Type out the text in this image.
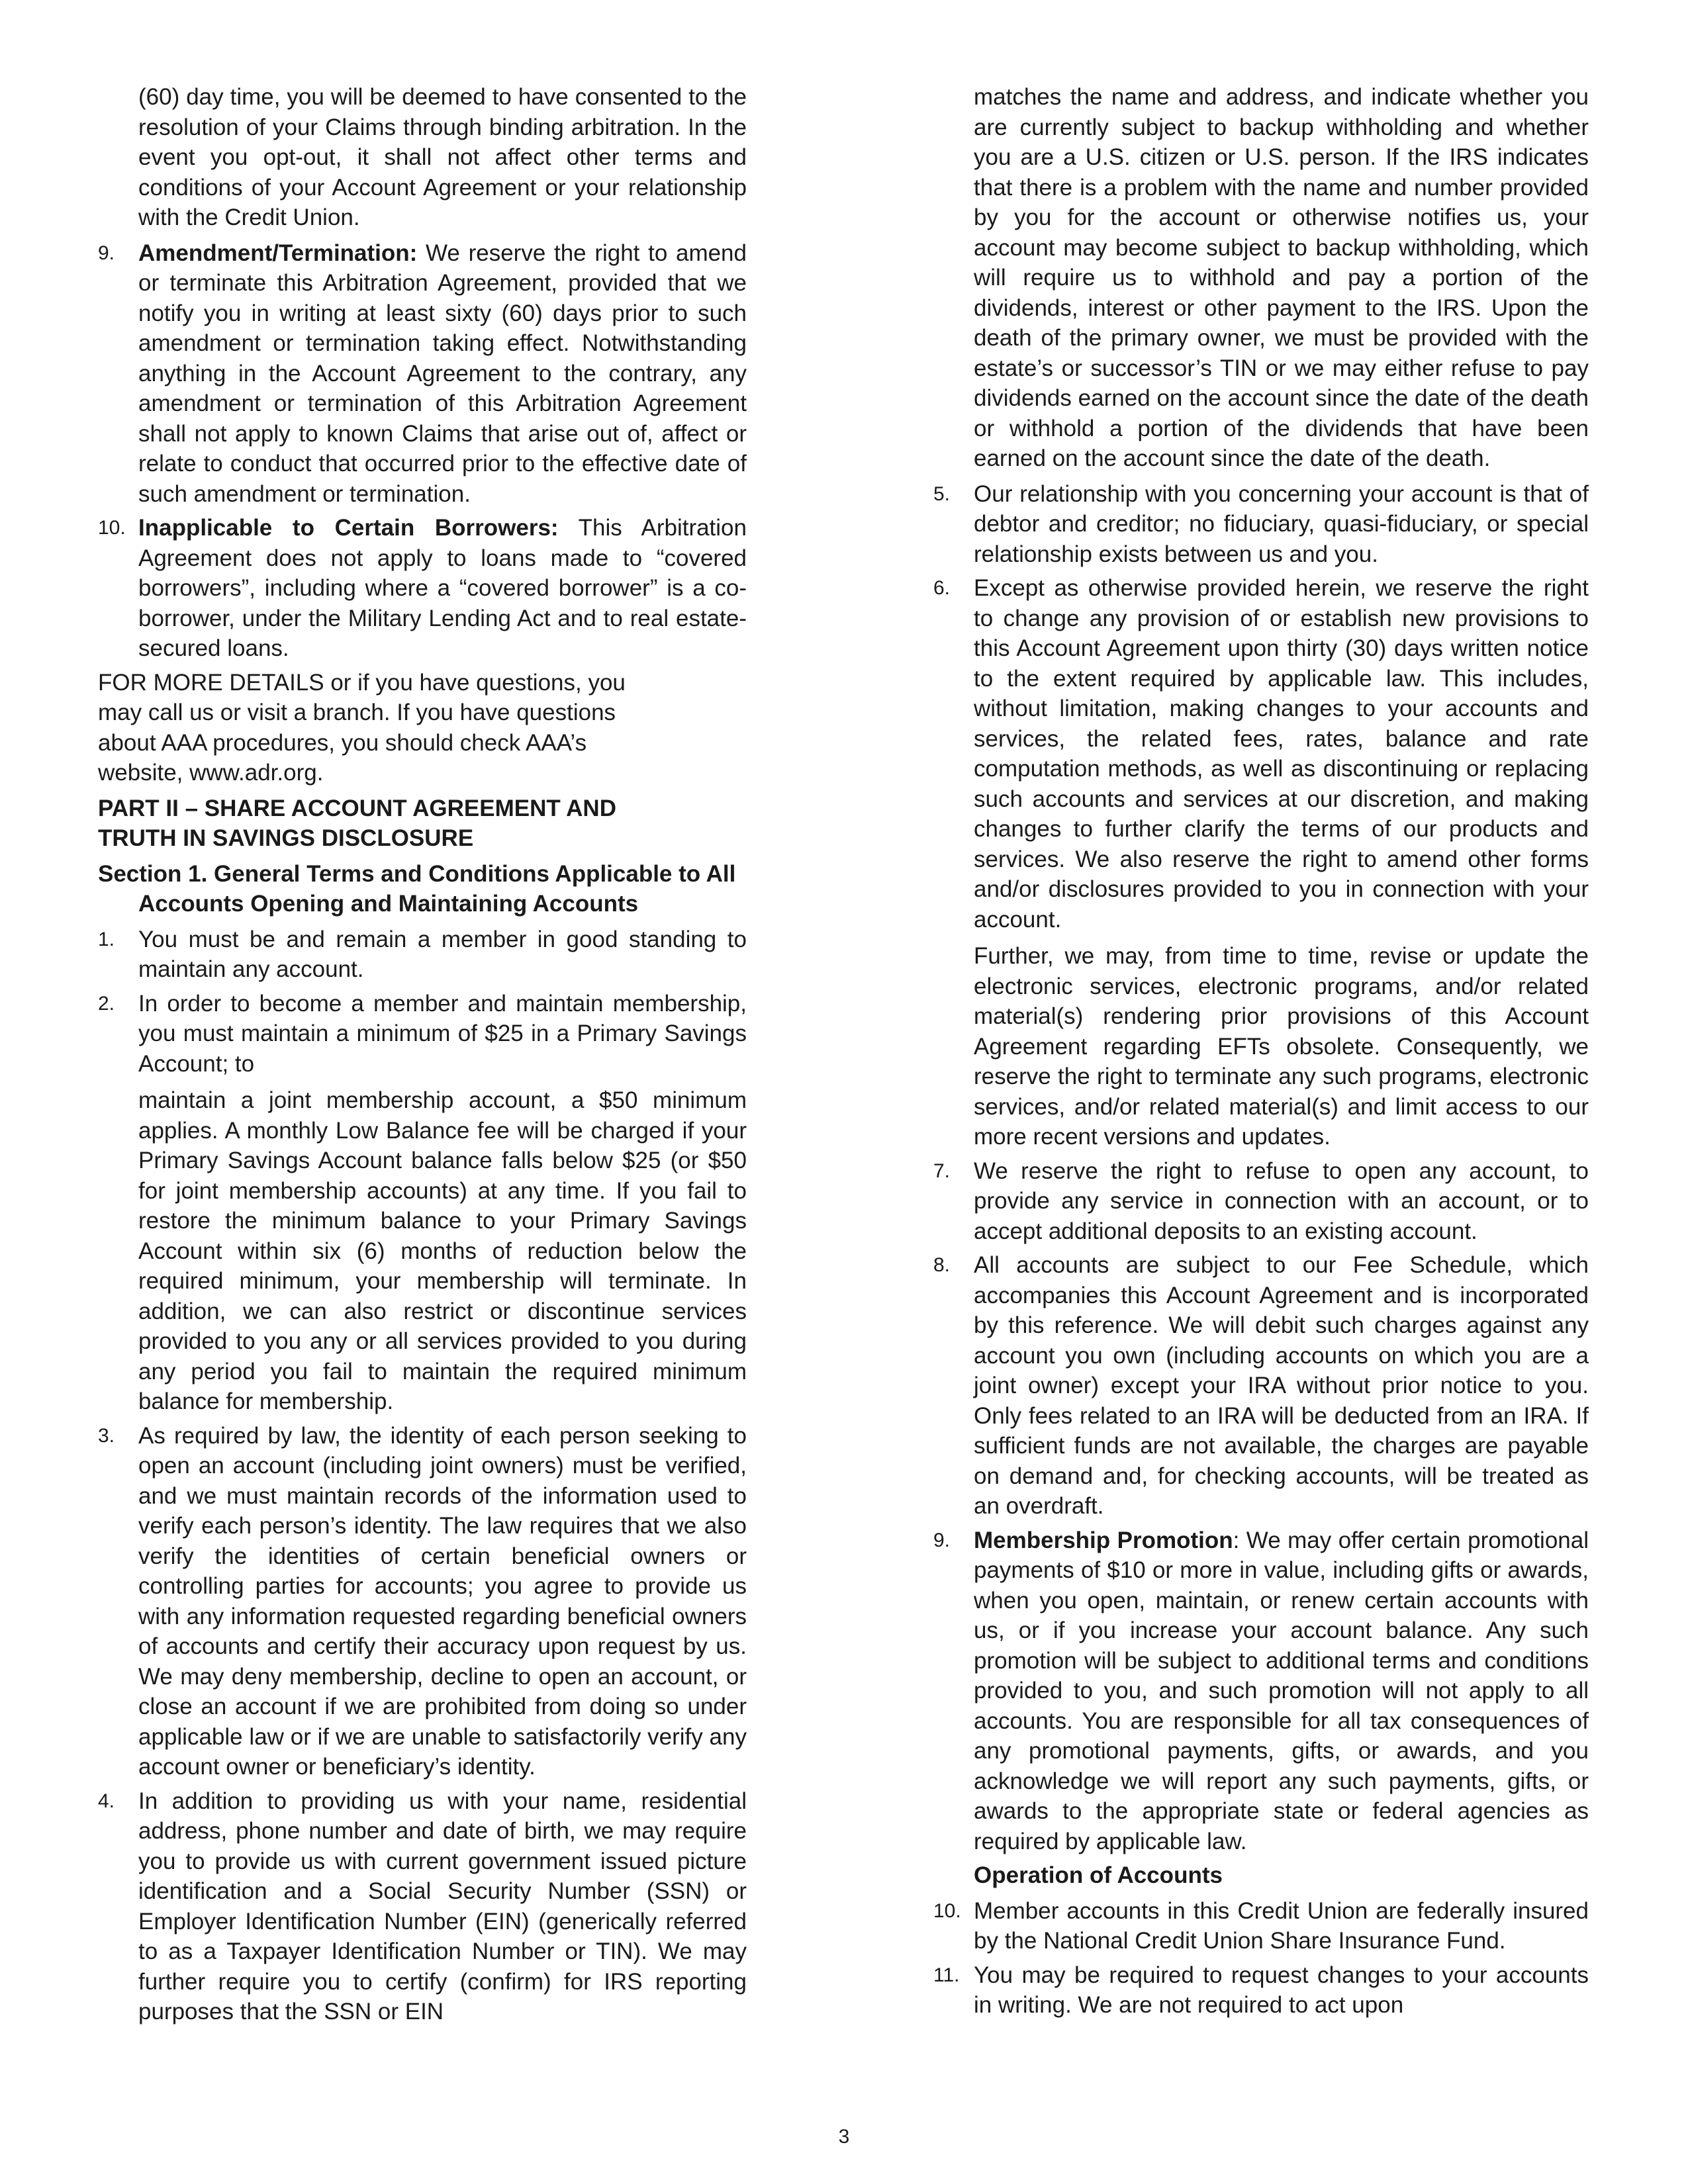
(60) day time, you will be deemed to have consented to the resolution of your Claims through binding arbitration. In the event you opt-out, it shall not affect other terms and conditions of your Account Agreement or your relationship with the Credit Union.

9. Amendment/Termination: We reserve the right to amend or terminate this Arbitration Agreement, provided that we notify you in writing at least sixty (60) days prior to such amendment or termination taking effect. Notwithstanding anything in the Account Agreement to the contrary, any amendment or termination of this Arbitration Agreement shall not apply to known Claims that arise out of, affect or relate to conduct that occurred prior to the effective date of such amendment or termination.
10. Inapplicable to Certain Borrowers: This Arbitration Agreement does not apply to loans made to “covered borrowers”, including where a “covered borrower” is a co-borrower, under the Military Lending Act and to real estate-secured loans.

FOR MORE DETAILS or if you have questions, you

may call us or visit a branch. If you have questions

about AAA procedures, you should check AAA’s

website, www.adr.org.

PART II – SHARE ACCOUNT AGREEMENT AND

TRUTH IN SAVINGS DISCLOSURE

Section 1. General Terms and Conditions Applicable to All Accounts Opening and Maintaining Accounts

1. You must be and remain a member in good standing to maintain any account.
2. In order to become a member and maintain membership, you must maintain a minimum of $25 in a Primary Savings Account; to

maintain a joint membership account, a $50 minimum applies. A monthly Low Balance fee will be charged if your Primary Savings Account balance falls below $25 (or $50 for joint membership accounts) at any time. If you fail to restore the minimum balance to your Primary Savings Account within six (6) months of reduction below the required minimum, your membership will terminate. In addition, we can also restrict or discontinue services provided to you any or all services provided to you during any period you fail to maintain the required minimum balance for membership.

3. As required by law, the identity of each person seeking to open an account (including joint owners) must be verified, and we must maintain records of the information used to verify each person’s identity. The law requires that we also verify the identities of certain beneficial owners or controlling parties for accounts; you agree to provide us with any information requested regarding beneficial owners of accounts and certify their accuracy upon request by us. We may deny membership, decline to open an account, or close an account if we are prohibited from doing so under applicable law or if we are unable to satisfactorily verify any account owner or beneficiary’s identity.
4. In addition to providing us with your name, residential address, phone number and date of birth, we may require you to provide us with current government issued picture identification and a Social Security Number (SSN) or Employer Identification Number (EIN) (generically referred to as a Taxpayer Identification Number or TIN). We may further require you to certify (confirm) for IRS reporting purposes that the SSN or EIN

matches the name and address, and indicate whether you are currently subject to backup withholding and whether you are a U.S. citizen or U.S. person. If the IRS indicates that there is a problem with the name and number provided by you for the account or otherwise notifies us, your account may become subject to backup withholding, which will require us to withhold and pay a portion of the dividends, interest or other payment to the IRS. Upon the death of the primary owner, we must be provided with the estate’s or successor’s TIN or we may either refuse to pay dividends earned on the account since the date of the death or withhold a portion of the dividends that have been earned on the account since the date of the death.

5. Our relationship with you concerning your account is that of debtor and creditor; no fiduciary, quasi-fiduciary, or special relationship exists between us and you.
6. Except as otherwise provided herein, we reserve the right to change any provision of or establish new provisions to this Account Agreement upon thirty (30) days written notice to the extent required by applicable law. This includes, without limitation, making changes to your accounts and services, the related fees, rates, balance and rate computation methods, as well as discontinuing or replacing such accounts and services at our discretion, and making changes to further clarify the terms of our products and services. We also reserve the right to amend other forms and/or disclosures provided to you in connection with your account.

Further, we may, from time to time, revise or update the electronic services, electronic programs, and/or related material(s) rendering prior provisions of this Account Agreement regarding EFTs obsolete. Consequently, we reserve the right to terminate any such programs, electronic services, and/or related material(s) and limit access to our more recent versions and updates.

7. We reserve the right to refuse to open any account, to provide any service in connection with an account, or to accept additional deposits to an existing account.
8. All accounts are subject to our Fee Schedule, which accompanies this Account Agreement and is incorporated by this reference. We will debit such charges against any account you own (including accounts on which you are a joint owner) except your IRA without prior notice to you. Only fees related to an IRA will be deducted from an IRA. If sufficient funds are not available, the charges are payable on demand and, for checking accounts, will be treated as an overdraft.
9. Membership Promotion: We may offer certain promotional payments of $10 or more in value, including gifts or awards, when you open, maintain, or renew certain accounts with us, or if you increase your account balance. Any such promotion will be subject to additional terms and conditions provided to you, and such promotion will not apply to all accounts. You are responsible for all tax consequences of any promotional payments, gifts, or awards, and you acknowledge we will report any such payments, gifts, or awards to the appropriate state or federal agencies as required by applicable law.

Operation of Accounts

10. Member accounts in this Credit Union are federally insured by the National Credit Union Share Insurance Fund.
11. You may be required to request changes to your accounts in writing. We are not required to act upon
3
